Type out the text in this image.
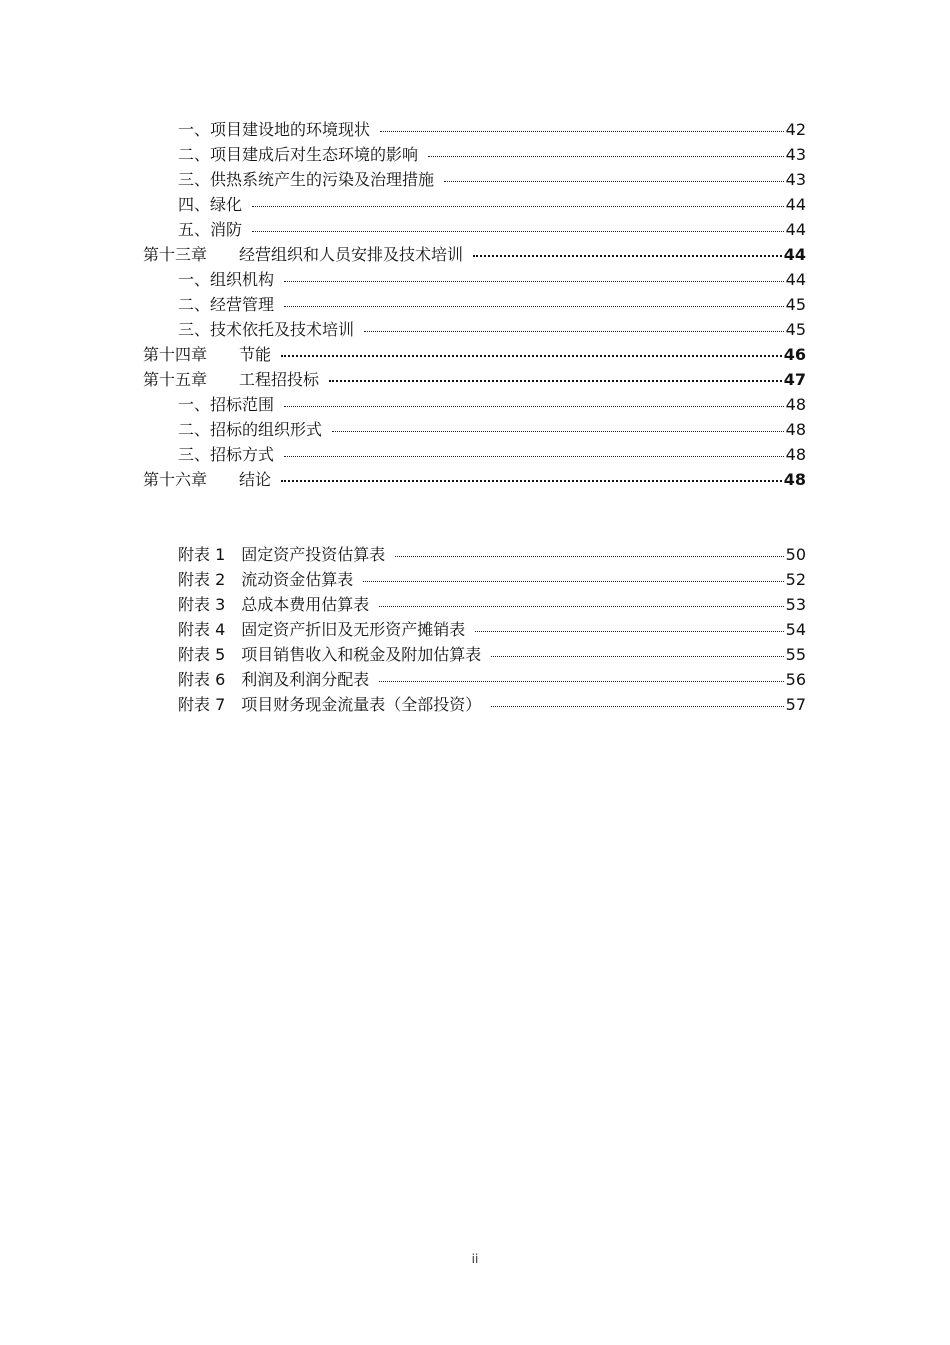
一、项目建设地的环境现状	42
二、项目建成后对生态环境的影响	43
三、供热系统产生的污染及治理措施	43
四、绿化	44
五、消防	44
第十三章　　经营组织和人员安排及技术培训	44
一、组织机构	44
二、经营管理	45
三、技术依托及技术培训	45
第十四章　　节能	46
第十五章　　工程招投标	47
一、招标范围	48
二、招标的组织形式	48
三、招标方式	48
第十六章　　结论	48
附表 1　固定资产投资估算表	50
附表 2　流动资金估算表	52
附表 3　总成本费用估算表	53
附表 4　固定资产折旧及无形资产摊销表	54
附表 5　项目销售收入和税金及附加估算表	55
附表 6　利润及利润分配表	56
附表 7　项目财务现金流量表（全部投资）	57
ii
